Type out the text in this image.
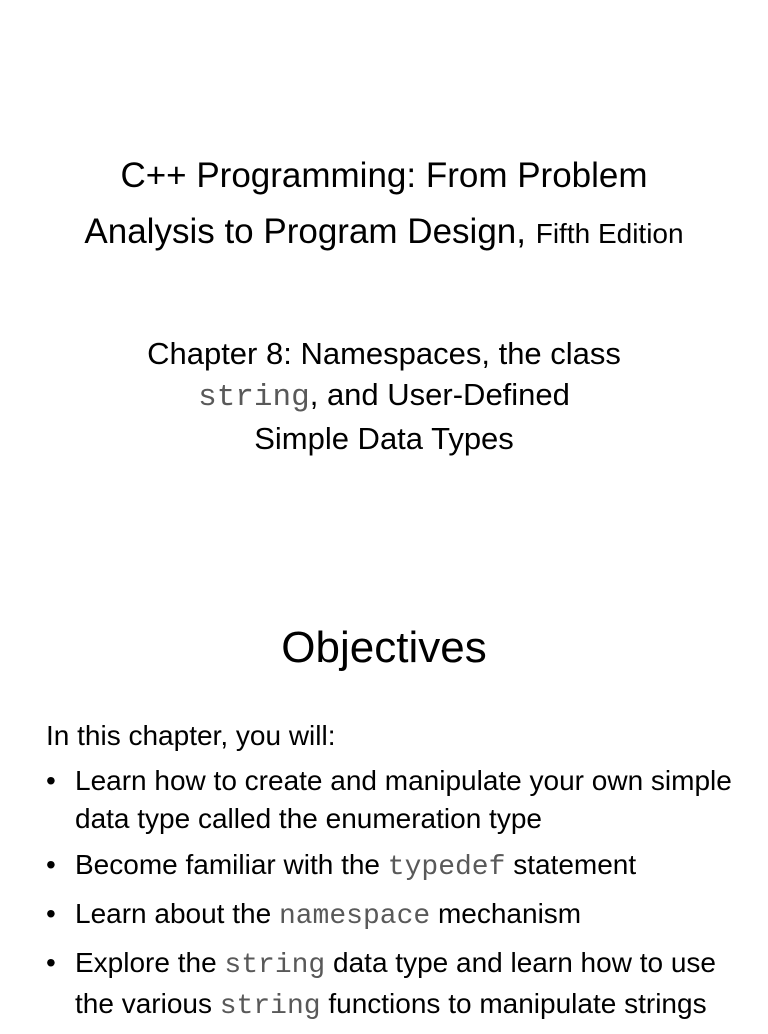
C++ Programming: From Problem
Analysis to Program Design, Fifth Edition
Chapter 8: Namespaces, the class
string, and User-Defined
Simple Data Types
Objectives
In this chapter, you will:
• Learn how to create and manipulate your own simple data type called the enumeration type
• Become familiar with the typedef statement
• Learn about the namespace mechanism
• Explore the string data type and learn how to use the various string functions to manipulate strings
